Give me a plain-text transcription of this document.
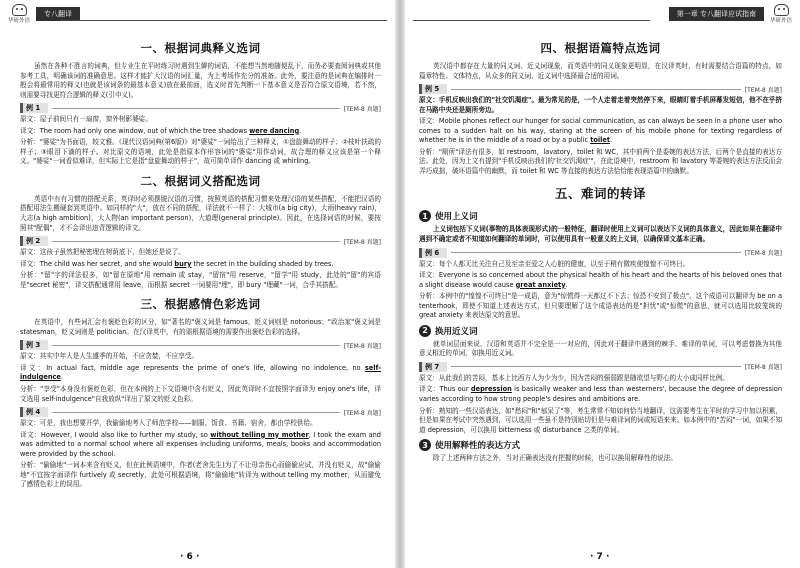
华研外语
专八翻译
一、根据词典释义选词

虽然在各种不胜言的词典，但专业生在平时练习时遇到生僻的词语，不能想当然地随便乱下，而务必要查阅词典或其他参考工具，明确该词的准确意思。这样才能扩大汉语的词汇量，为上考场作充分的准备。此外，要注意的是词典在编排时一般会将最常用的释义(也就是该词条的最基本意义)放在最前面，选义时首先判断一下基本意义是否符合原文语境，若不然，则需要寻找更符合逻辑的释义(引申义)。

例 1	[TEM-8 真题]
原文：屋子前间只有一扇窗，窗外树影婆娑。
译文：The room had only one window, out of which the tree shadows were dancing.
分析："婆娑"为书面语，较文雅。《现代汉语词典(第6版)》对"婆娑"一词给出了三种释义，①盘旋舞动的样子；②枝叶扶疏的样子；③眼泪下滴的样子。对比原文的语境，此处是指原本作形容词的"婆娑"用作动词，故合理的释义应该是第一个释义。"婆娑"一词看似难译，但实际上它是指"盘旋舞动的样子"，故可简单译作 dancing 或 whirling。
二、根据词义搭配选词

英语中有有习惯的搭配关系，英译时必须摆脱汉语的习惯，按照英语的搭配习惯来处理汉语的某些搭配，不能把汉语的搭配用法生搬硬套到英语中。如同样的"大"，放在不同的搭配，译法就不一样了：大城市(a big city)，大雨(heavy rain)，大志(a high ambition)，大人物(an important person)，大道理(general principle)。因此，在选择词语的时候，要按照其"配偶"，才不会译出违背逻辑的译文。

例 2	[TEM-8 真题]
原文：这孩子虽然把秘密埋在树荫底下，但她还是说了。
译文：The child was her secret, and she would bury the secret in the building shaded by trees.
分析："留"字的译法很多，如"留在原地"用 remain 或 stay，"留宿"用 reserve，"留学"用 study，此处的"留"的宾语是"secret 秘密"，译文搭配通常用 leave，而根据 secret 一词要用"埋"，即 bury "埋藏"一词，合乎其搭配。
三、根据感情色彩选词

在英语中，有些词汇会有褒贬色彩的区分，如"著名的"褒义词是 famous，贬义词则是 notorious；"政治家"褒义词是 statesman，贬义词则是 politician。在汉译英中，有的需根据语境的需要作出褒贬色彩的选择。

例 3	[TEM-8 真题]
原文：其实中年人是人生盛季的开始，不应贪婪，不应享受。
译文：In actual fact, middle age represents the prime of one's life, allowing no indolence, no self-indulgence.
分析："享受"本身没有褒贬色彩，但在本例的上下文语境中含有贬义，因此英译时不宜按照字面译为 enjoy one's life，译文选用 self-indulgence"自我放纵"译出了原文的贬义色彩。
例 4	[TEM-8 真题]
原文：可是，我也想要开学，我偷偷地考入了师范学校——制服、饭食、书籍、宿舍，都由学校供给。
译文：However, I would also like to further my study, so without telling my mother, I took the exam and was admitted to a normal school where all expenses including uniforms, meals, books and accommodation were provided by the school.
分析："偷偷地"一词本来含有贬义，但在此例语境中，作者(老舍先生)为了不让母亲伤心而偷偷应试，并没有贬义，故"偷偷地"不宜按字面译作 furtively 或 secretly，此处可根据语境，将"偷偷地"转译为 without telling my mother，从而避免了感情色彩上的误用。
· 6 ·
第一章 专八翻译应试指南
华研外语
四、根据语篇特点选词

英汉语中都存在大量的同义词、近义词现象，而英语中的同义现象更明显，在汉译英时，有时需要结合语篇的特点，如篇章特性、文体特点，从众多的同义词、近义词中选择最合适的用词。

例 5	[TEM-8 真题]
原文：手机反映出我们的"社交饥渴症"。最为常见的是，一个人走着走着突然停下来，眼睛盯着手机屏幕发短信，他不在乎挤在马路中央还是厕所旁边。
译文：Mobile phones reflect our hunger for social communication, as can always be seen in a phone user who comes to a sudden halt on his way, staring at the screen of his mobile phone for texting regardless of whether he is in the middle of a road or by a public toilet.
分析："厕所"译法有很多，如 restroom，lavatory，toilet 和 WC，其中前两个是委婉的表达方法，后两个是直接的表达方法。此处，因为上文有提到"手机反映出我们的'社交饥渴症'"，在此语境中，restroom 和 lavatory 等委婉的表达方法反而会弄巧成拙，破坏语篇中的幽默，而 toilet 和 WC 等直接的表达方法恰恰能表现语篇中的幽默。
五、难词的转译
1 使用上义词

上义词包括下义词(事物的具体表现形式)的一般特征，翻译时使用上义词可以表达下义词的具体意义，因此如果在翻译中遇到不确定或者不知道如何翻译的单词时，可以使用具有一般意义的上义词，以确保译文基本正确。

例 6	[TEM-8 真题]
原文：每个人都无比关注自己及至亲至爱之人心脏的健康，以至于稍有微疾便惶惶不可终日。
译文：Everyone is so concerned about the physical health of his heart and the hearts of his beloved ones that a slight disease would cause great anxiety.
分析：本例中的"惶惶不可终日"是一成语，意为"惊慌得一天都过不下去；惊恐不安到了极点"。这个成语可以翻译为 be on a tenterhook，即使不知道上述表达方式，但只要理解了这个成语表达的是"担忧"或"惊慌"的意思，就可以选用比较笼统的 great anxiety 来表达原文的意思。
2 换用近义词

就单词层面来说，汉语和英语并不完全是一一对应的，因此对于翻译中遇到的棘手、难译的单词，可以考虑替换为其他意义相近的单词，如换用近义词。

例 7	[TEM-8 真题]
原文：从此我们的苦闷，基本上比西方人为少为少，因为苦闷的强弱跟是随欲望与野心的大小成同样比例。
译文：Thus our depression is basically weaker and less than westerners', because the degree of depression varies according to how strong people's desires and ambitions are.
分析：熟知的一些汉语表达，如"愁闷"和"郁呆了"等，考生常常不知如何恰当地翻译，这需要考生在平时的学习中加以积累，但是如果在考试中突然遇到，可以选用一些虽不是特别贴切但是与难译词的词或短语来来。如本例中的"苦闷"一词，如果不知道 depression，可以换用 bitterness 或 disturbance 之类的单词。
3 使用解释性的表达方式

除了上述两种方法之外，当对正确表达没有把握的时候，也可以换用解释性的说法。

· 7 ·
